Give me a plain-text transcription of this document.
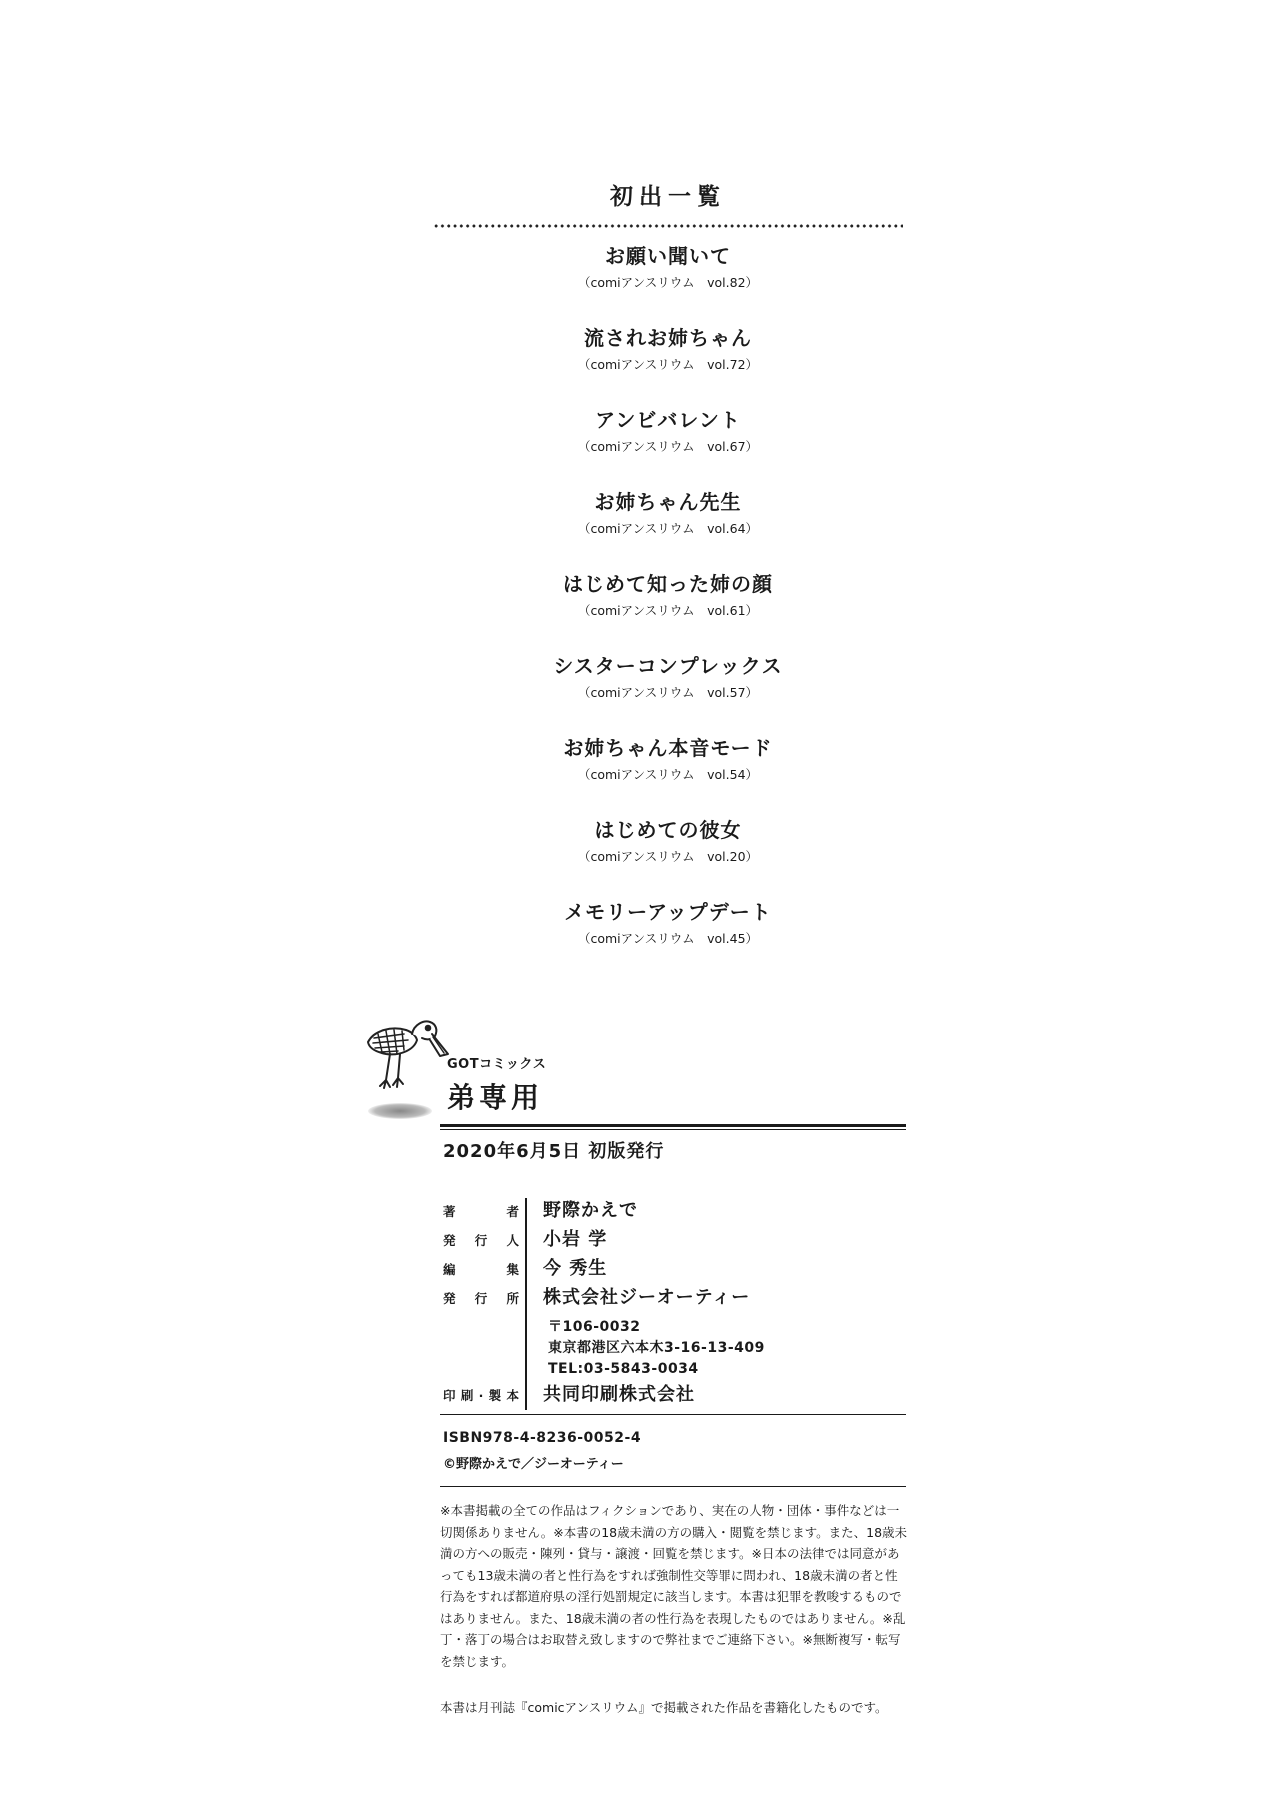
初出一覧
お願い聞いて
（comiアンスリウム　vol.82）
流されお姉ちゃん
（comiアンスリウム　vol.72）
アンビバレント
（comiアンスリウム　vol.67）
お姉ちゃん先生
（comiアンスリウム　vol.64）
はじめて知った姉の顔
（comiアンスリウム　vol.61）
シスターコンプレックス
（comiアンスリウム　vol.57）
お姉ちゃん本音モード
（comiアンスリウム　vol.54）
はじめての彼女
（comiアンスリウム　vol.20）
メモリーアップデート
（comiアンスリウム　vol.45）
GOTコミックス
弟専用
2020年6月5日 初版発行
著者 野際かえで
発行人 小岩 学
編集 今 秀生
発行所 株式会社ジーオーティー
〒106-0032
東京都港区六本木3-16-13-409
TEL:03-5843-0034
印刷·製本 共同印刷株式会社
ISBN978-4-8236-0052-4
©野際かえで／ジーオーティー
※本書掲載の全ての作品はフィクションであり、実在の人物・団体・事件などは一切関係ありません。※本書の18歳未満の方の購入・閲覧を禁じます。また、18歳未満の方への販売・陳列・貸与・譲渡・回覧を禁じます。※日本の法律では同意があっても13歳未満の者と性行為をすれば強制性交等罪に問われ、18歳未満の者と性行為をすれば都道府県の淫行処罰規定に該当します。本書は犯罪を教唆するものではありません。また、18歳未満の者の性行為を表現したものではありません。※乱丁・落丁の場合はお取替え致しますので弊社までご連絡下さい。※無断複写・転写を禁じます。
本書は月刊誌『comicアンスリウム』で掲載された作品を書籍化したものです。
